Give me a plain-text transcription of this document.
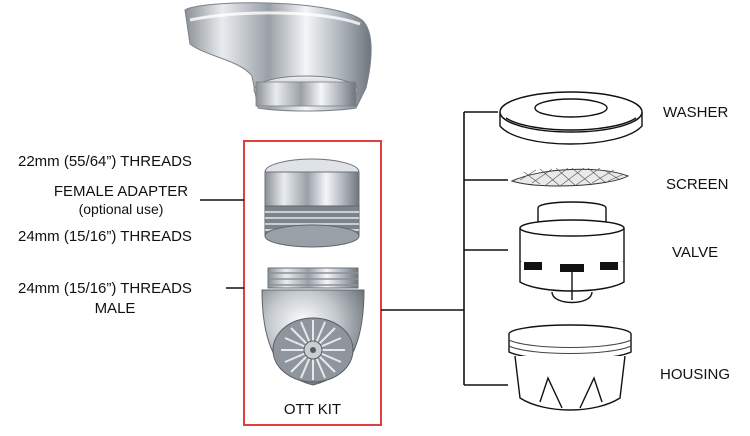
22mm (55/64”) THREADS
FEMALE ADAPTER
(optional use)
24mm (15/16”) THREADS
24mm (15/16”) THREADS
MALE
OTT KIT
WASHER
SCREEN
VALVE
HOUSING
